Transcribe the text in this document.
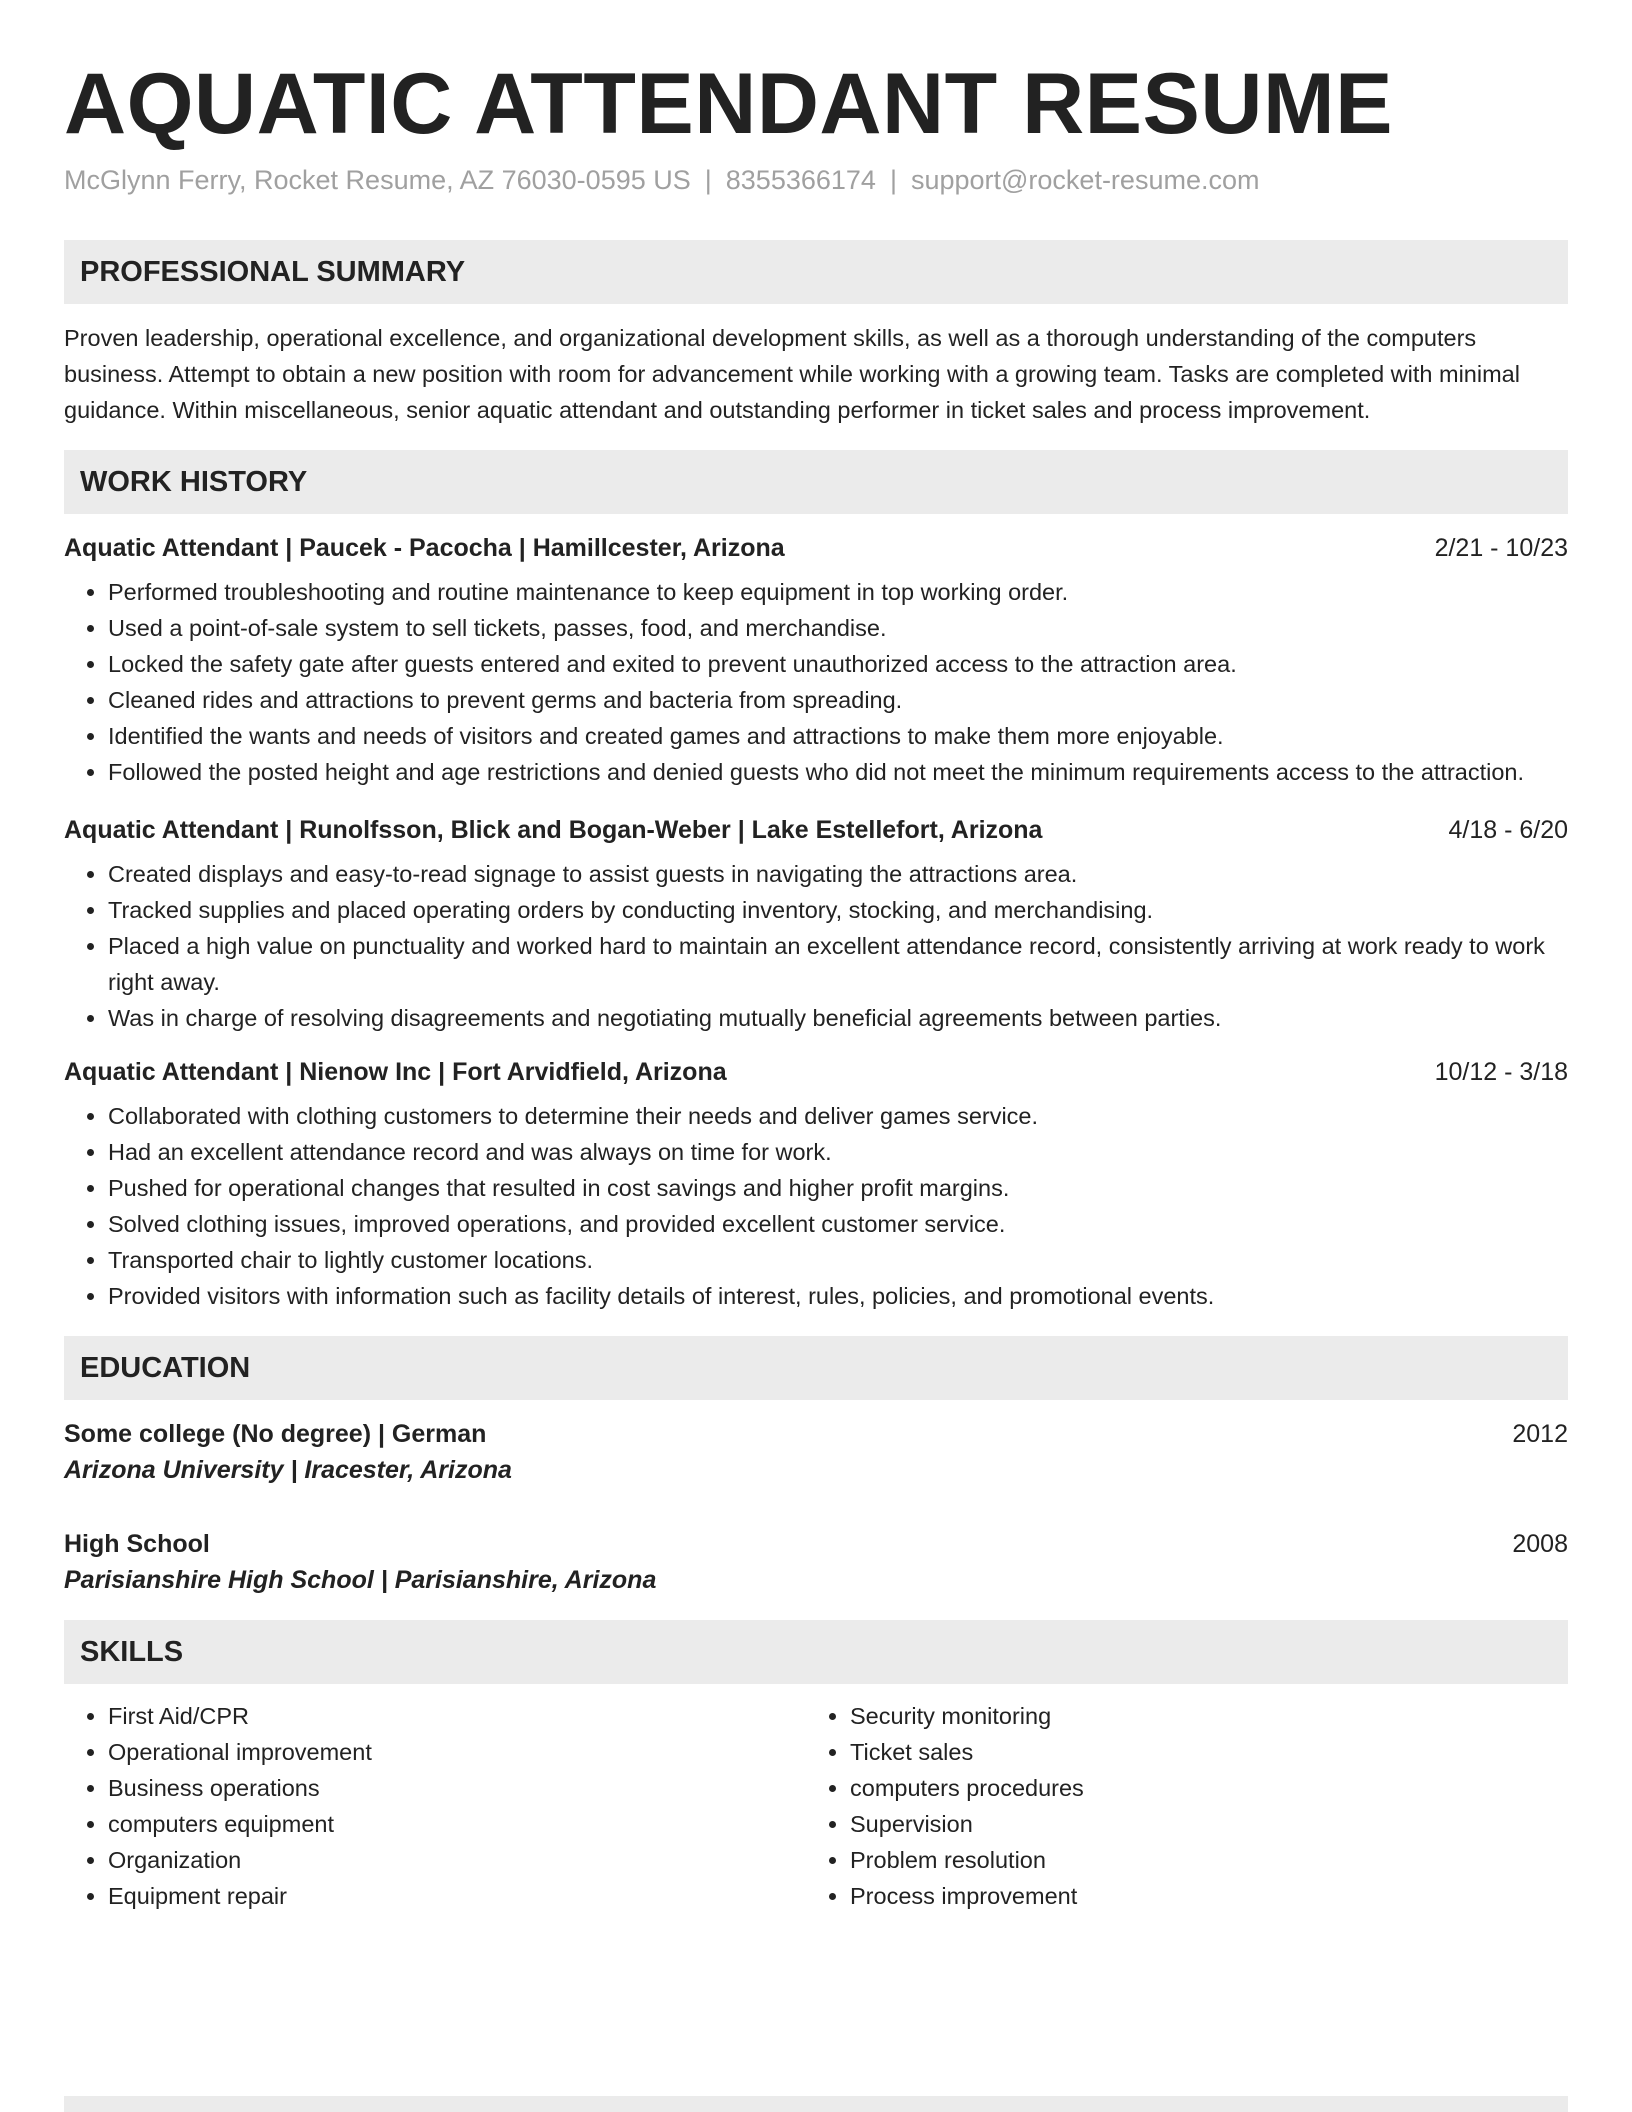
AQUATIC ATTENDANT RESUME
McGlynn Ferry, Rocket Resume, AZ 76030-0595 US | 8355366174 | support@rocket-resume.com
PROFESSIONAL SUMMARY

Proven leadership, operational excellence, and organizational development skills, as well as a thorough understanding of the computers business. Attempt to obtain a new position with room for advancement while working with a growing team. Tasks are completed with minimal guidance. Within miscellaneous, senior aquatic attendant and outstanding performer in ticket sales and process improvement.

WORK HISTORY
Aquatic Attendant | Paucek - Pacocha | Hamillcester, Arizona	2/21 - 10/23
• Performed troubleshooting and routine maintenance to keep equipment in top working order.
• Used a point-of-sale system to sell tickets, passes, food, and merchandise.
• Locked the safety gate after guests entered and exited to prevent unauthorized access to the attraction area.
• Cleaned rides and attractions to prevent germs and bacteria from spreading.
• Identified the wants and needs of visitors and created games and attractions to make them more enjoyable.
• Followed the posted height and age restrictions and denied guests who did not meet the minimum requirements access to the attraction.
Aquatic Attendant | Runolfsson, Blick and Bogan-Weber | Lake Estellefort, Arizona	4/18 - 6/20
• Created displays and easy-to-read signage to assist guests in navigating the attractions area.
• Tracked supplies and placed operating orders by conducting inventory, stocking, and merchandising.
• Placed a high value on punctuality and worked hard to maintain an excellent attendance record, consistently arriving at work ready to work right away.
• Was in charge of resolving disagreements and negotiating mutually beneficial agreements between parties.
Aquatic Attendant | Nienow Inc | Fort Arvidfield, Arizona	10/12 - 3/18
• Collaborated with clothing customers to determine their needs and deliver games service.
• Had an excellent attendance record and was always on time for work.
• Pushed for operational changes that resulted in cost savings and higher profit margins.
• Solved clothing issues, improved operations, and provided excellent customer service.
• Transported chair to lightly customer locations.
• Provided visitors with information such as facility details of interest, rules, policies, and promotional events.
EDUCATION
Some college (No degree) | German	2012
Arizona University | Iracester, Arizona
High School	2008
Parisianshire High School | Parisianshire, Arizona
SKILLS
• First Aid/CPR
• Operational improvement
• Business operations
• computers equipment
• Organization
• Equipment repair
• Security monitoring
• Ticket sales
• computers procedures
• Supervision
• Problem resolution
• Process improvement
